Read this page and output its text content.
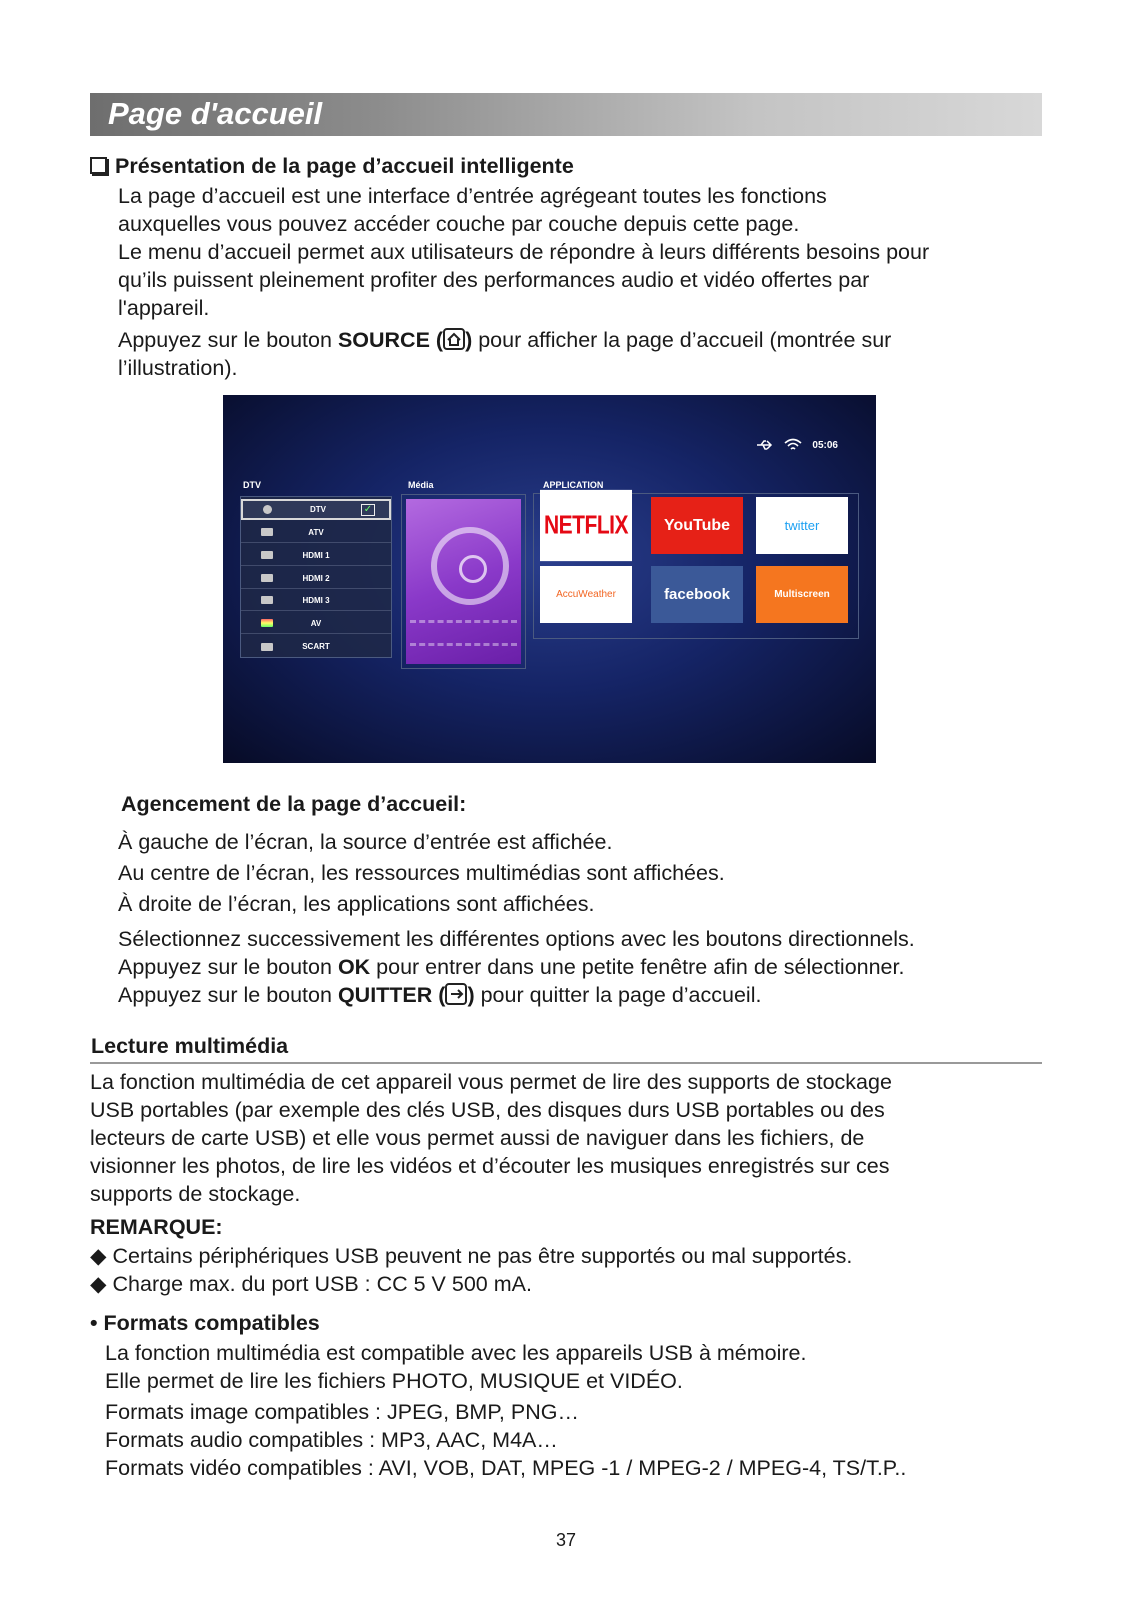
Page d'accueil
Présentation de la page d’accueil intelligente
La page d’accueil est une interface d’entrée agrégeant toutes les fonctions
auxquelles vous pouvez accéder couche par couche depuis cette page.
Le menu d’accueil permet aux utilisateurs de répondre à leurs différents besoins pour
qu’ils puissent pleinement profiter des performances audio et vidéo offertes par
l'appareil.
Appuyez sur le bouton SOURCE ( ) pour afficher la page d’accueil (montrée sur
l’illustration).
05:06
DTV	Média	APPLICATION
DTV	✓
ATV
HDMI 1
HDMI 2
HDMI 3
AV
SCART
NETFLIX	YouTube	twitter
AccuWeather	facebook	Multiscreen
Agencement de la page d’accueil:
À gauche de l’écran, la source d’entrée est affichée.
Au centre de l’écran, les ressources multimédias sont affichées.
À droite de l’écran, les applications sont affichées.
Sélectionnez successivement les différentes options avec les boutons directionnels.
Appuyez sur le bouton OK pour entrer dans une petite fenêtre afin de sélectionner.
Appuyez sur le bouton QUITTER ( ) pour quitter la page d’accueil.
Lecture multimédia
La fonction multimédia de cet appareil vous permet de lire des supports de stockage
USB portables (par exemple des clés USB, des disques durs USB portables ou des
lecteurs de carte USB) et elle vous permet aussi de naviguer dans les fichiers, de
visionner les photos, de lire les vidéos et d’écouter les musiques enregistrés sur ces
supports de stockage.
REMARQUE:
◆ Certains périphériques USB peuvent ne pas être supportés ou mal supportés.
◆ Charge max. du port USB : CC 5 V 500 mA.
• Formats compatibles
La fonction multimédia est compatible avec les appareils USB à mémoire.
Elle permet de lire les fichiers PHOTO, MUSIQUE et VIDÉO.
Formats image compatibles : JPEG, BMP, PNG…
Formats audio compatibles : MP3, AAC, M4A…
Formats vidéo compatibles : AVI, VOB, DAT, MPEG -1 / MPEG-2 / MPEG-4, TS/T.P..
37
